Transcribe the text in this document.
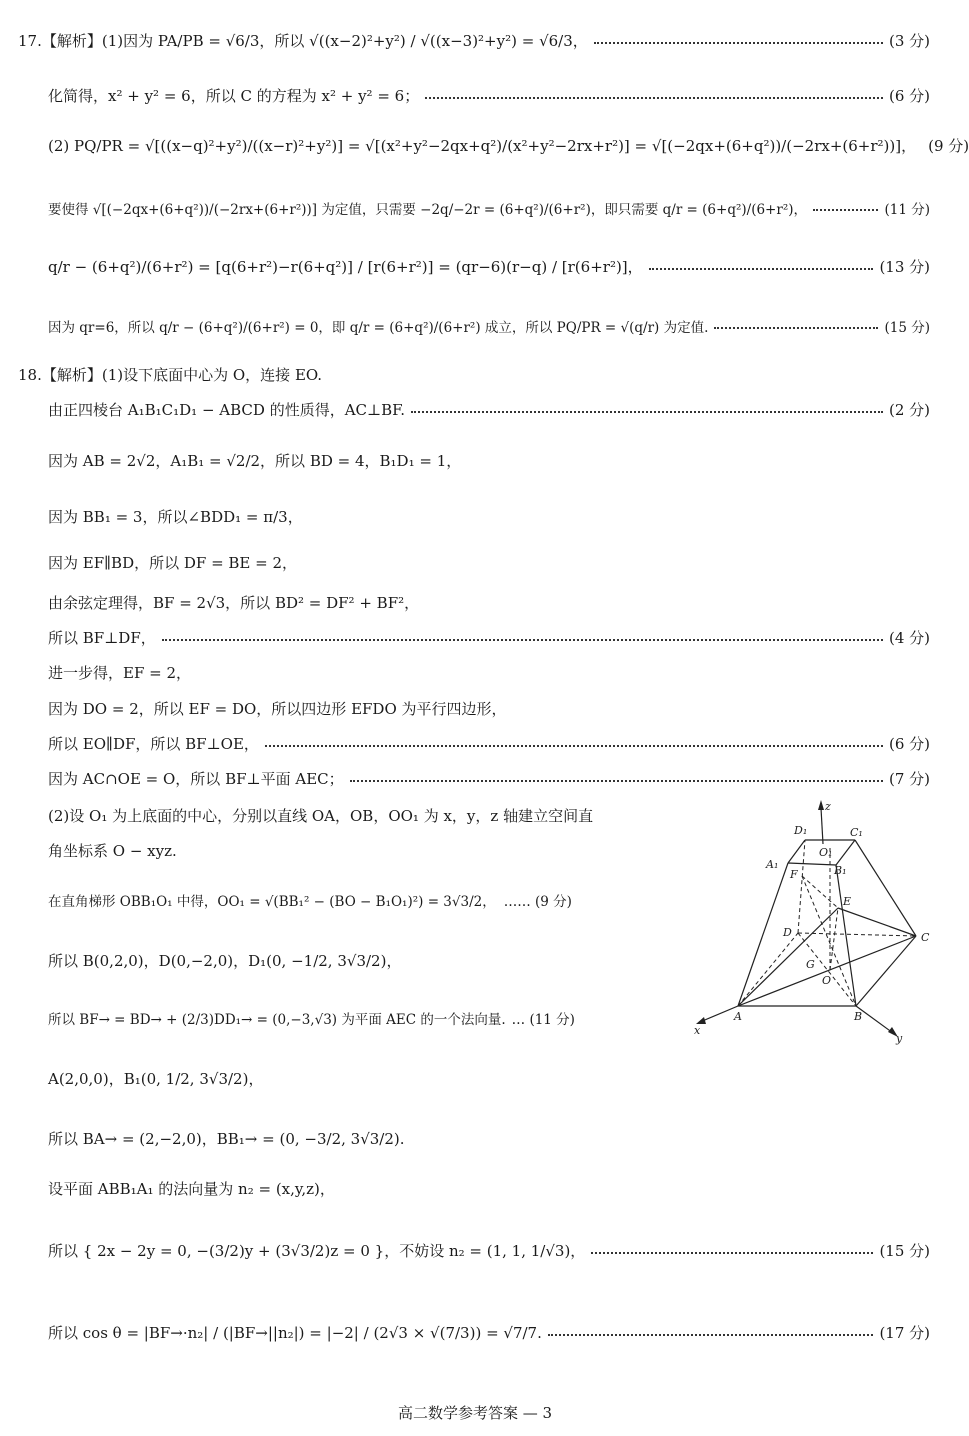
17.【解析】(1)因为 PA/PB = √6/3，所以 √((x−2)²+y²) / √((x−3)²+y²) = √6/3，	(3 分)
化简得，x² + y² = 6，所以 C 的方程为 x² + y² = 6；	(6 分)
(2) PQ/PR = √[((x−q)²+y²)/((x−r)²+y²)] = √[(x²+y²−2qx+q²)/(x²+y²−2rx+r²)] = √[(−2qx+(6+q²))/(−2rx+(6+r²))]， (9 分)
要使得 √[(−2qx+(6+q²))/(−2rx+(6+r²))] 为定值，只需要 −2q/−2r = (6+q²)/(6+r²)，即只需要 q/r = (6+q²)/(6+r²)，	(11 分)
q/r − (6+q²)/(6+r²) = [q(6+r²)−r(6+q²)] / [r(6+r²)] = (qr−6)(r−q) / [r(6+r²)]，	(13 分)
因为 qr=6，所以 q/r − (6+q²)/(6+r²) = 0，即 q/r = (6+q²)/(6+r²) 成立，所以 PQ/PR = √(q/r) 为定值.	(15 分)
18.【解析】(1)设下底面中心为 O，连接 EO.
由正四棱台 A₁B₁C₁D₁ − ABCD 的性质得，AC⊥BF.	(2 分)
因为 AB = 2√2，A₁B₁ = √2/2，所以 BD = 4，B₁D₁ = 1，
因为 BB₁ = 3，所以∠BDD₁ = π/3，
因为 EF∥BD，所以 DF = BE = 2，
由余弦定理得，BF = 2√3，所以 BD² = DF² + BF²，
所以 BF⊥DF，	(4 分)
进一步得，EF = 2，
因为 DO = 2，所以 EF = DO，所以四边形 EFDO 为平行四边形，
所以 EO∥DF，所以 BF⊥OE，	(6 分)
因为 AC∩OE = O，所以 BF⊥平面 AEC；	(7 分)
(2)设 O₁ 为上底面的中心，分别以直线 OA，OB，OO₁ 为 x，y，z 轴建立空间直
角坐标系 O − xyz.
在直角梯形 OBB₁O₁ 中得，OO₁ = √(BB₁² − (BO − B₁O₁)²) = 3√3/2， …… (9 分)
所以 B(0,2,0)，D(0,−2,0)，D₁(0, −1/2, 3√3/2)，
所以 BF→ = BD→ + (2/3)DD₁→ = (0,−3,√3) 为平面 AEC 的一个法向量. … (11 分)
A(2,0,0)，B₁(0, 1/2, 3√3/2)，
所以 BA→ = (2,−2,0)，BB₁→ = (0, −3/2, 3√3/2).
设平面 ABB₁A₁ 的法向量为 n₂ = (x,y,z)，
所以 { 2x − 2y = 0, −(3/2)y + (3√3/2)z = 0 }，不妨设 n₂ = (1, 1, 1/√3)，	(15 分)
所以 cos θ = |BF→·n₂| / (|BF→||n₂|) = |−2| / (2√3 × √(7/3)) = √7/7.	(17 分)
z
D₁	C₁
O₁
B₁
A₁
F
E
D	C
G
O
A	B
x
y
高二数学参考答案 — 3
